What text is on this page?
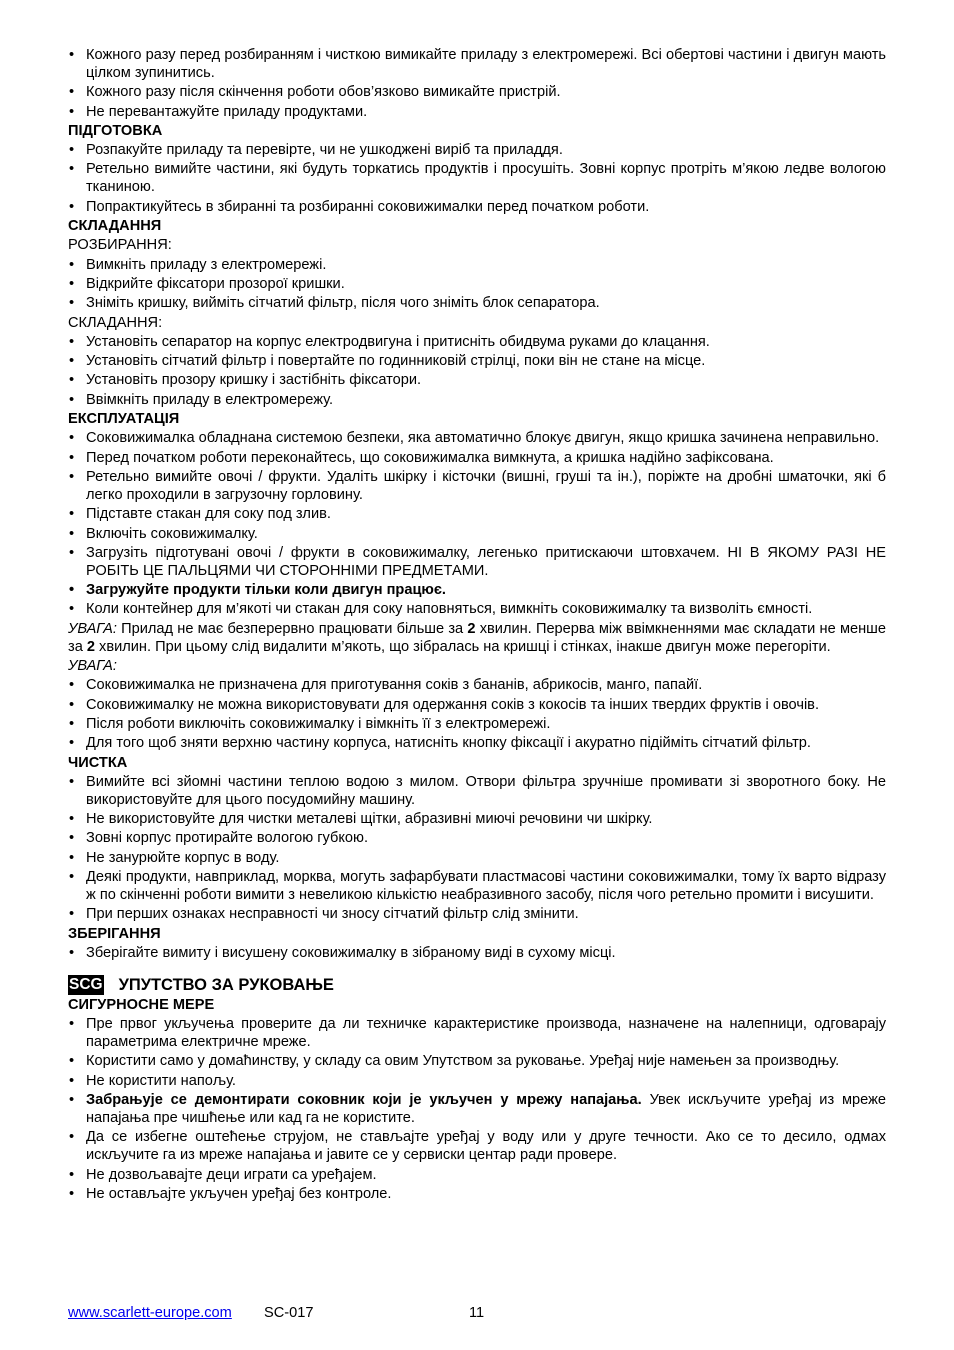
• Кожного разу перед розбиранням і чисткою вимикайте приладу з електромережі. Всі обертові частини і двигун мають цілком зупинитись.
• Кожного разу після скінчення роботи обов’язково вимикайте пристрій.
• Не перевантажуйте приладу продуктами.
ПІДГОТОВКА
• Розпакуйте приладу та перевірте, чи не ушкоджені виріб та приладдя.
• Ретельно вимийте частини, які будуть торкатись продуктів і просушіть. Зовні корпус протріть м’якою ледве вологою тканиною.
• Попрактикуйтесь в збиранні та розбиранні соковижималки перед початком роботи.
СКЛАДАННЯ
РОЗБИРАННЯ:
• Вимкніть приладу з електромережі.
• Відкрийте фіксатори прозорої кришки.
• Зніміть кришку, вийміть сітчатий фільтр, після чого зніміть блок сепаратора.
СКЛАДАННЯ:
• Установіть сепаратор на корпус електродвигуна і притисніть обидвума руками до клацання.
• Установіть сітчатий фільтр і повертайте по годинниковій стрілці, поки він не стане на місце.
• Установіть прозору кришку і застібніть фіксатори.
• Ввімкніть приладу в електромережу.
ЕКСПЛУАТАЦІЯ
• Соковижималка обладнана системою безпеки, яка автоматично блокує двигун, якщо кришка зачинена неправильно.
• Перед початком роботи переконайтесь, що соковижималка вимкнута, а кришка надійно зафіксована.
• Ретельно вимийте овочі / фрукти. Удаліть шкірку і кісточки (вишні, груші та ін.), поріжте на дробні шматочки, які б легко проходили в загрузочну горловину.
• Підставте стакан для соку под злив.
• Включіть соковижималку.
• Загрузіть підготувані овочі / фрукти в соковижималку, легенько притискаючи штовхачем. НІ В ЯКОМУ РАЗІ НЕ РОБІТЬ ЦЕ ПАЛЬЦЯМИ ЧИ СТОРОННІМИ ПРЕДМЕТАМИ.
• Загружуйте продукти тільки коли двигун працює.
• Коли контейнер для м’якоті чи стакан для соку наповняться, вимкніть соковижималку та визволіть ємності.
УВАГА: Прилад не має безперервно працювати більше за 2 хвилин. Перерва між ввімкненнями має складати не менше за 2 хвилин. При цьому слід видалити м’якоть, що зібралась на кришці і стінках, інакше двигун може перегоріти.
УВАГА:
• Соковижималка не призначена для приготування соків з бананів, абрикосів, манго, папайї.
• Соковижималку не можна використовувати для одержання соків з кокосів та інших твердих фруктів і овочів.
• Після роботи виключіть соковижималку і вімкніть її з електромережі.
• Для того щоб зняти верхню частину корпуса, натисніть кнопку фіксації і акуратно підійміть сітчатий фільтр.
ЧИСТКА
• Вимийте всі зйомні частини теплою водою з милом. Отвори фільтра зручніше промивати зі зворотного боку. Не використовуйте для цього посудомийну машину.
• Не використовуйте для чистки металеві щітки, абразивні миючі речовини чи шкірку.
• Зовні корпус протирайте вологою губкою.
• Не занурюйте корпус в воду.
• Деякі продукти, навприклад, морква, могуть зафарбувати пластмасові частини соковижималки, тому їх варто відразу ж по скінченні роботи вимити з невеликою кількістю неабразивного засобу, після чого ретельно промити і висушити.
• При перших ознаках несправності чи зносу сітчатий фільтр слід змінити.
ЗБЕРІГАННЯ
• Зберігайте вимиту і висушену соковижималку в зібраному виді в сухому місці.
SCG УПУТСТВО ЗА РУКОВАЊЕ
СИГУРНОСНЕ МЕРЕ
• Пре првог укључења проверите да ли техничке карактеристике производа, назначене на налепници, одговарају параметрима електричне мреже.
• Користити само у домаћинству, у складу са овим Упутством за руковање. Уређај није намењен за производњу.
• Не користити напољу.
• Забрањује се демонтирати соковник који је укључен у мрежу напајања. Увек искључите уређај из мреже напајања пре чишћење или кад га не користите.
• Да се избегне оштећење струјом, не стављајте уређај у воду или у друге течности. Ако се то десило, одмах искључите га из мреже напајања и јавите се у сервиски центар ради провере.
• Не дозвољавајте деци играти са уређајем.
• Не остављајте укључен уређај без контроле.
www.scarlett-europe.com SC-017	11
